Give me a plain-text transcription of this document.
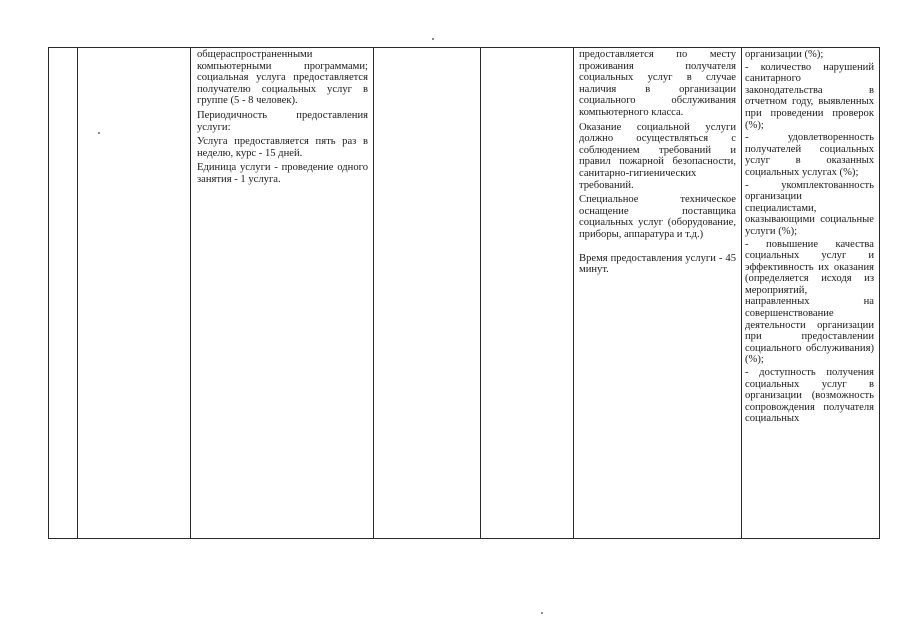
общераспространенными компьютерными программами; социальная услуга предоставляется получателю социальных услуг в группе (5 - 8 человек).

Периодичность предоставления услуги:

Услуга предоставляется пять раз в неделю, курс - 15 дней.

Единица услуги - проведение одного занятия - 1 услуга.

предоставляется по месту проживания получателя социальных услуг в случае наличия в организации социального обслуживания компьютерного класса.

Оказание социальной услуги должно осуществляться с соблюдением требований и правил пожарной безопасности, санитарно-гигиенических требований.

Специальное техническое оснащение поставщика социальных услуг (оборудование, приборы, аппаратура и т.д.)

Время предоставления услуги - 45 минут.

организации (%);

- количество нарушений санитарного законодательства в отчетном году, выявленных при проведении проверок (%);

- удовлетворенность получателей социальных услуг в оказанных социальных услугах (%);

- укомплектованность организации специалистами, оказывающими социальные услуги (%);

- повышение качества социальных услуг и эффективность их оказания (определяется исходя из мероприятий, направленных на совершенствование деятельности организации при предоставлении социального обслуживания) (%);

- доступность получения социальных услуг в организации (возможность сопровождения получателя социальных
